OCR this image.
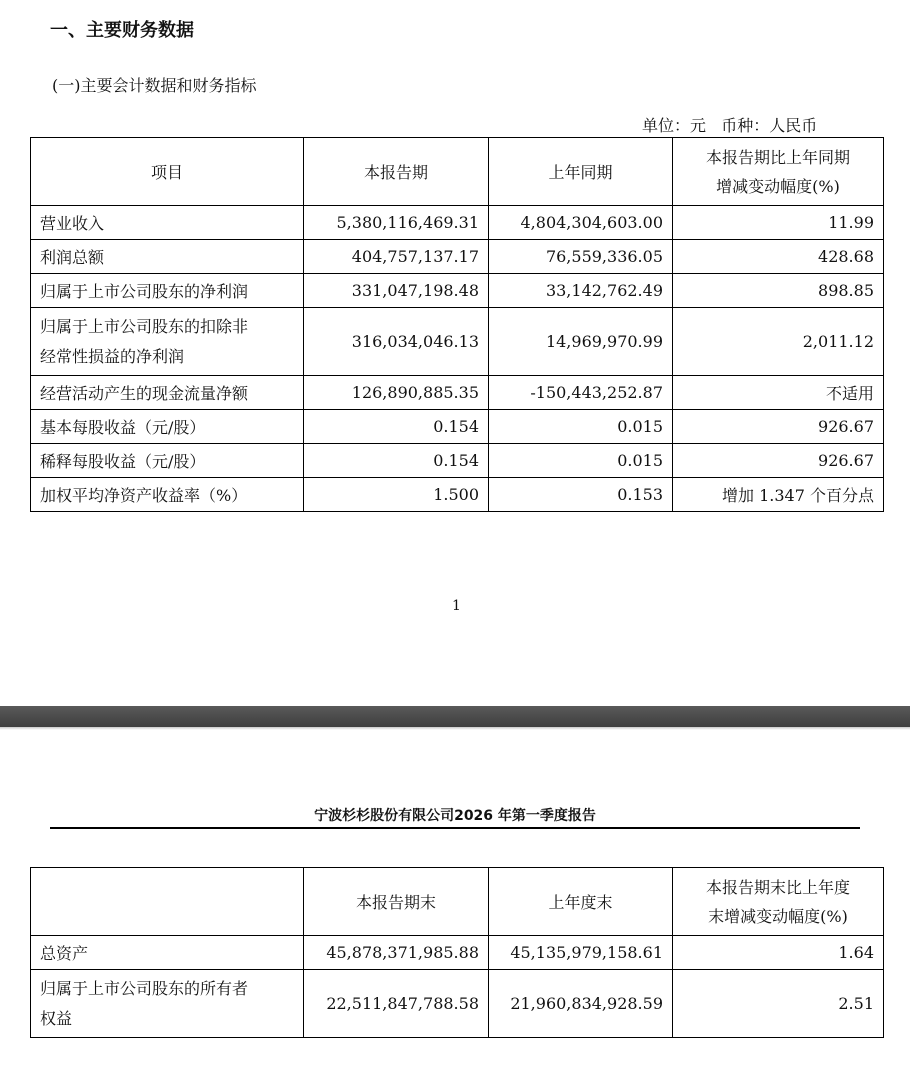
一、主要财务数据
(一)主要会计数据和财务指标
单位：元   币种：人民币
项目	本报告期	上年同期	本报告期比上年同期
增减变动幅度(%)

营业收入	5,380,116,469.31	4,804,304,603.00	11.99
利润总额	404,757,137.17	76,559,336.05	428.68
归属于上市公司股东的净利润	331,047,198.48	33,142,762.49	898.85

归属于上市公司股东的扣除非
经常性损益的净利润	316,034,046.13	14,969,970.99	2,011.12
经营活动产生的现金流量净额	126,890,885.35	-150,443,252.87	不适用
基本每股收益（元/股）	0.154	0.015	926.67
稀释每股收益（元/股）	0.154	0.015	926.67
加权平均净资产收益率（%）	1.500	0.153	增加 1.347 个百分点
1
宁波杉杉股份有限公司2026 年第一季度报告
	本报告期末	上年度末	本报告期末比上年度
末增减变动幅度(%)

总资产	45,878,371,985.88	45,135,979,158.61	1.64

归属于上市公司股东的所有者
权益	22,511,847,788.58	21,960,834,928.59	2.51
